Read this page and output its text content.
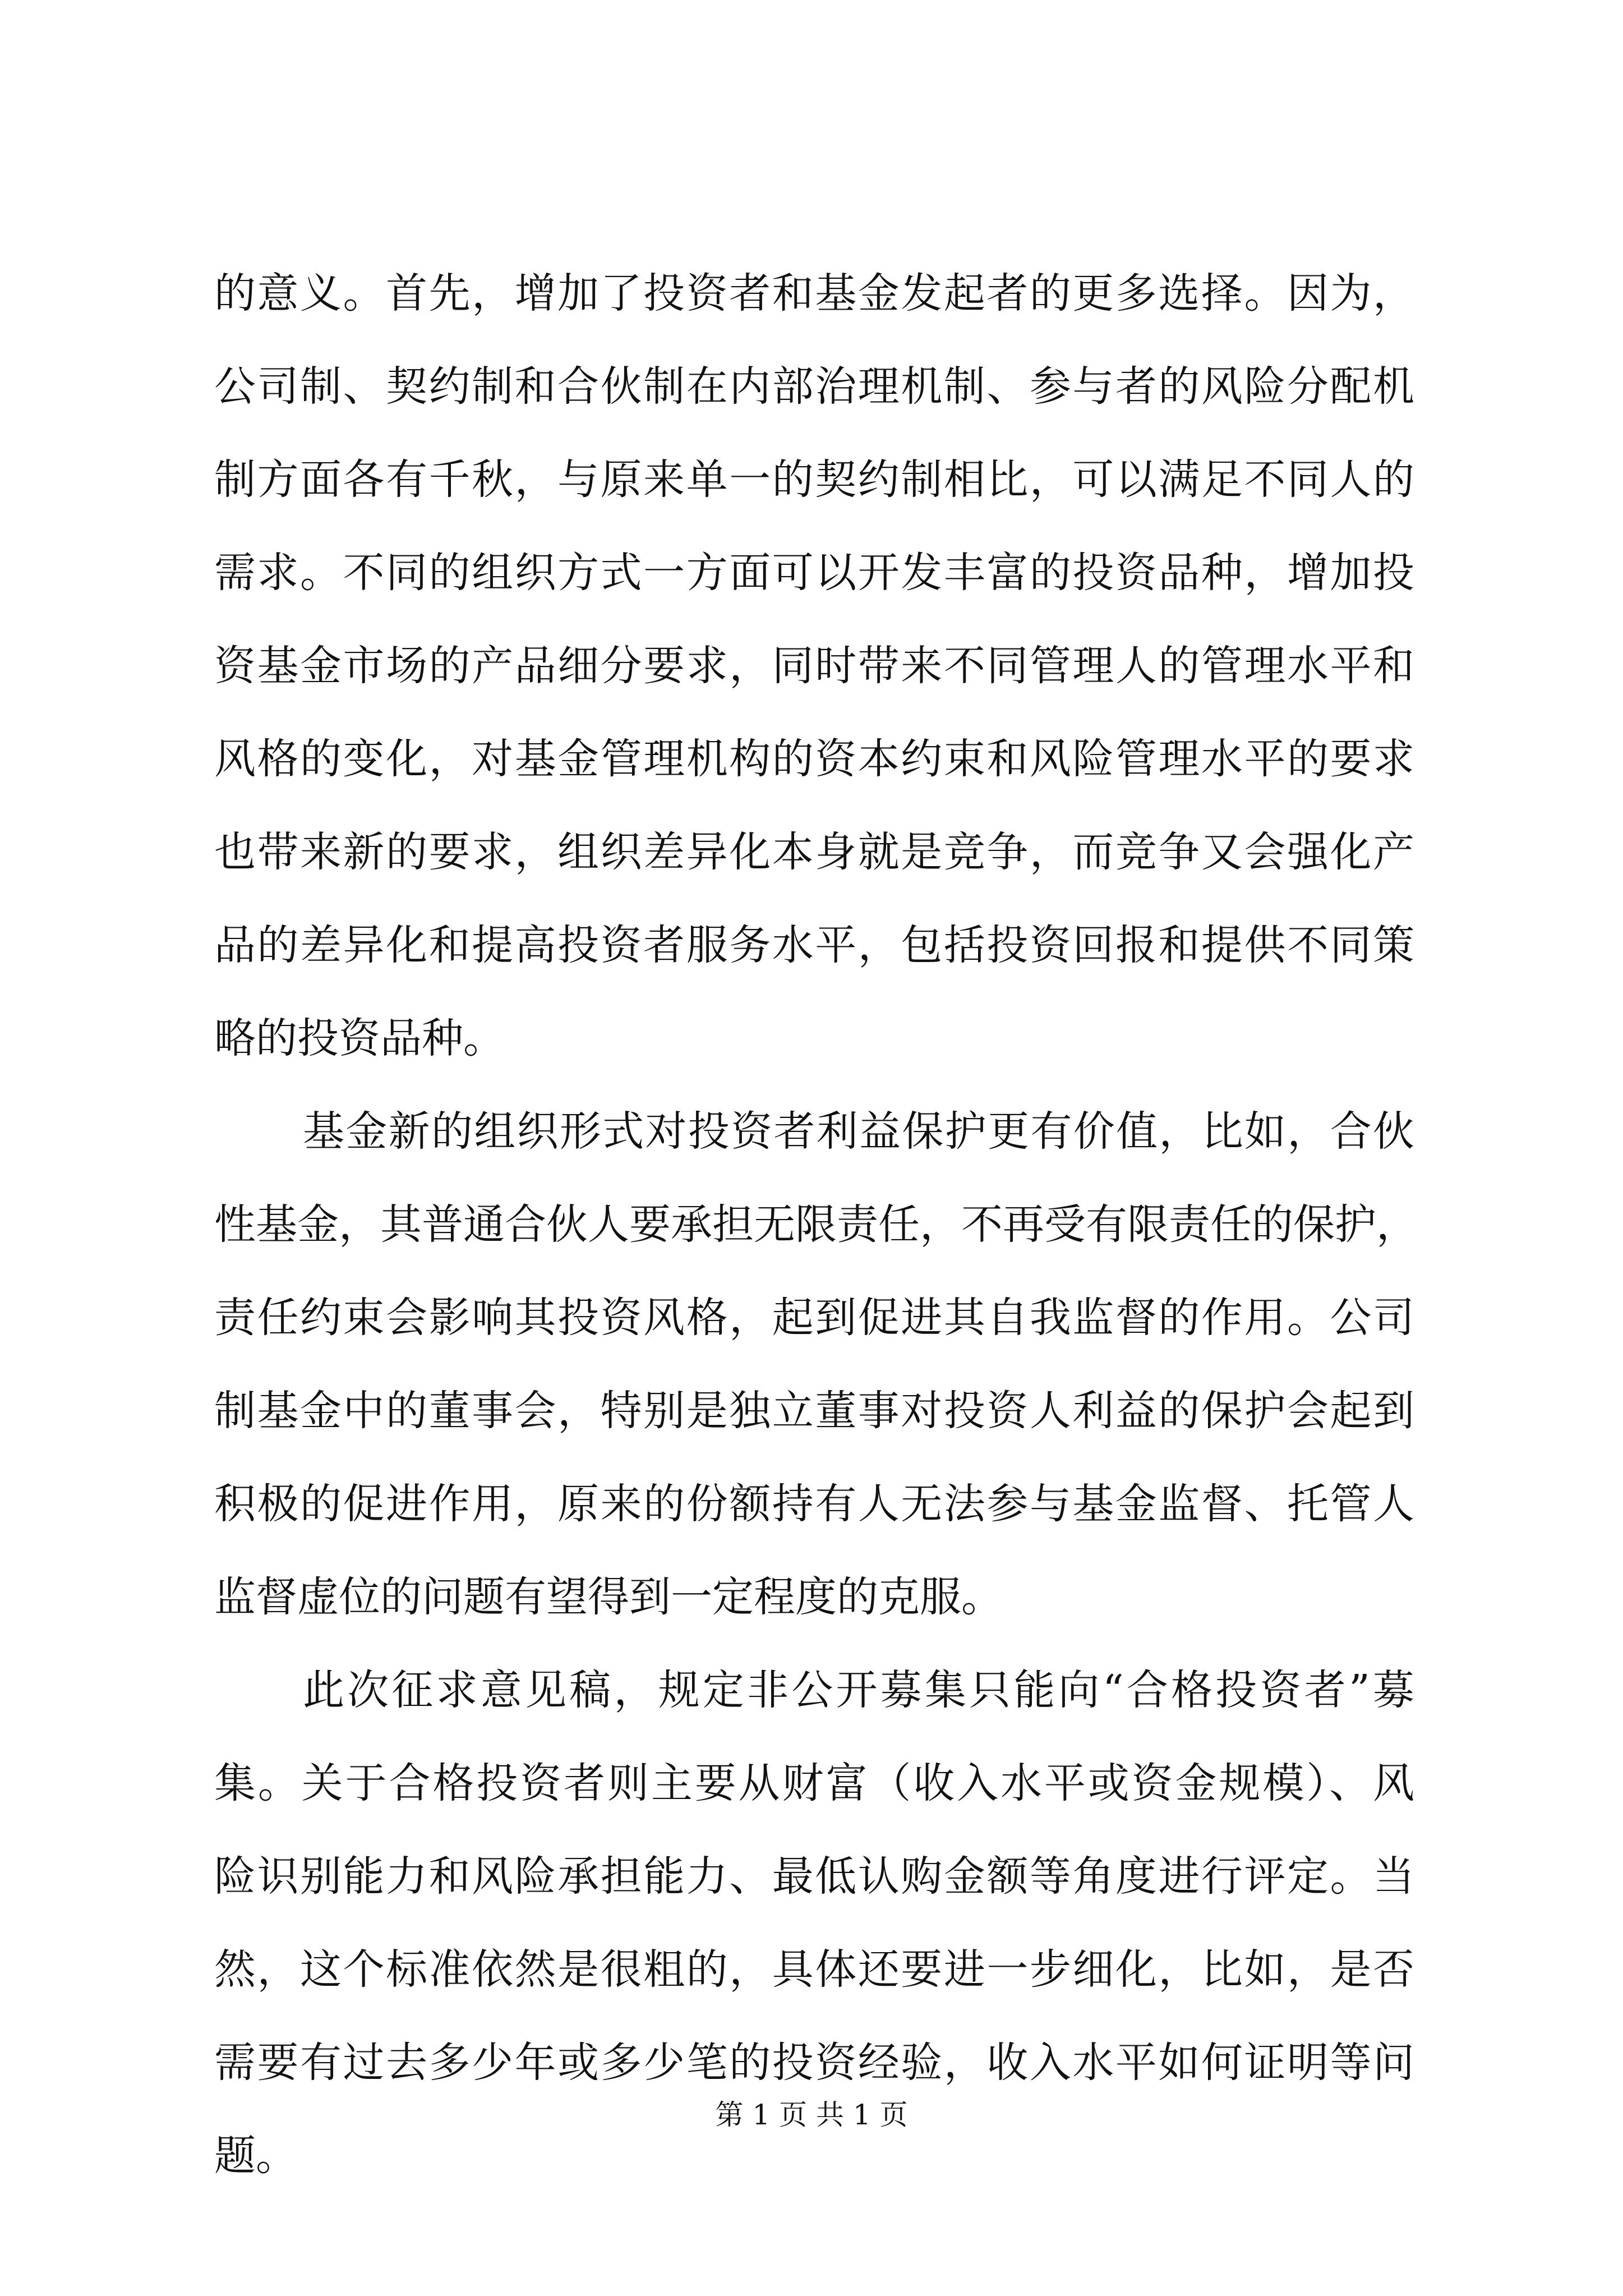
的意义。首先，增加了投资者和基金发起者的更多选择。因为，
公司制、契约制和合伙制在内部治理机制、参与者的风险分配机
制方面各有千秋，与原来单一的契约制相比，可以满足不同人的
需求。不同的组织方式一方面可以开发丰富的投资品种，增加投
资基金市场的产品细分要求，同时带来不同管理人的管理水平和
风格的变化，对基金管理机构的资本约束和风险管理水平的要求
也带来新的要求，组织差异化本身就是竞争，而竞争又会强化产
品的差异化和提高投资者服务水平，包括投资回报和提供不同策
略的投资品种。
基金新的组织形式对投资者利益保护更有价值，比如，合伙
性基金，其普通合伙人要承担无限责任，不再受有限责任的保护，
责任约束会影响其投资风格，起到促进其自我监督的作用。公司
制基金中的董事会，特别是独立董事对投资人利益的保护会起到
积极的促进作用，原来的份额持有人无法参与基金监督、托管人
监督虚位的问题有望得到一定程度的克服。
此次征求意见稿，规定非公开募集只能向“合格投资者”募
集。关于合格投资者则主要从财富（收入水平或资金规模）、风
险识别能力和风险承担能力、最低认购金额等角度进行评定。当
然，这个标准依然是很粗的，具体还要进一步细化，比如，是否
需要有过去多少年或多少笔的投资经验，收入水平如何证明等问
题。
第 1 页 共 1 页
